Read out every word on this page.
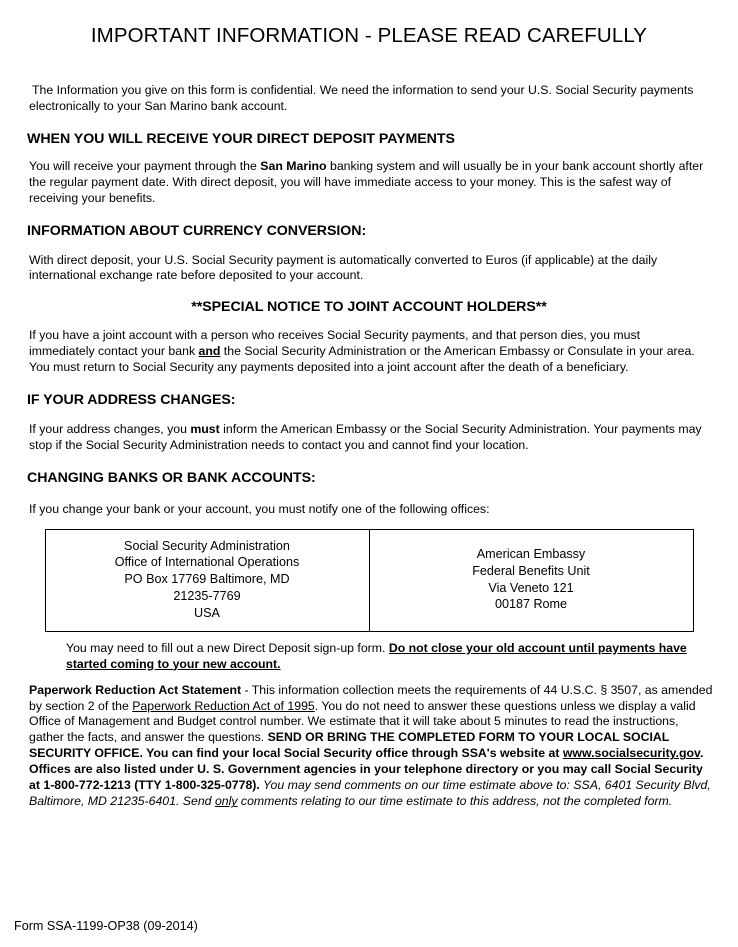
IMPORTANT INFORMATION - PLEASE READ CAREFULLY

The Information you give on this form is confidential. We need the information to send your U.S. Social Security payments electronically to your San Marino bank account.

WHEN YOU WILL RECEIVE YOUR DIRECT DEPOSIT PAYMENTS

You will receive your payment through the San Marino banking system and will usually be in your bank account shortly after the regular payment date. With direct deposit, you will have immediate access to your money. This is the safest way of receiving your benefits.

INFORMATION ABOUT CURRENCY CONVERSION:

With direct deposit, your U.S. Social Security payment is automatically converted to Euros (if applicable) at the daily international exchange rate before deposited to your account.

**SPECIAL NOTICE TO JOINT ACCOUNT HOLDERS**

If you have a joint account with a person who receives Social Security payments, and that person dies, you must immediately contact your bank and the Social Security Administration or the American Embassy or Consulate in your area. You must return to Social Security any payments deposited into a joint account after the death of a beneficiary.

IF YOUR ADDRESS CHANGES:

If your address changes, you must inform the American Embassy or the Social Security Administration. Your payments may stop if the Social Security Administration needs to contact you and cannot find your location.

CHANGING BANKS OR BANK ACCOUNTS:

If you change your bank or your account, you must notify one of the following offices:

Social Security Administration
Office of International Operations
PO Box 17769 Baltimore, MD
21235-7769
USA	American Embassy
Federal Benefits Unit
Via Veneto 121
00187 Rome

You may need to fill out a new Direct Deposit sign-up form. Do not close your old account until payments have started coming to your new account.

Paperwork Reduction Act Statement - This information collection meets the requirements of 44 U.S.C. § 3507, as amended by section 2 of the Paperwork Reduction Act of 1995. You do not need to answer these questions unless we display a valid Office of Management and Budget control number. We estimate that it will take about 5 minutes to read the instructions, gather the facts, and answer the questions. SEND OR BRING THE COMPLETED FORM TO YOUR LOCAL SOCIAL SECURITY OFFICE. You can find your local Social Security office through SSA's website at www.socialsecurity.gov. Offices are also listed under U. S. Government agencies in your telephone directory or you may call Social Security at 1-800-772-1213 (TTY 1-800-325-0778). You may send comments on our time estimate above to: SSA, 6401 Security Blvd, Baltimore, MD 21235-6401. Send only comments relating to our time estimate to this address, not the completed form.

Form SSA-1199-OP38 (09-2014)
